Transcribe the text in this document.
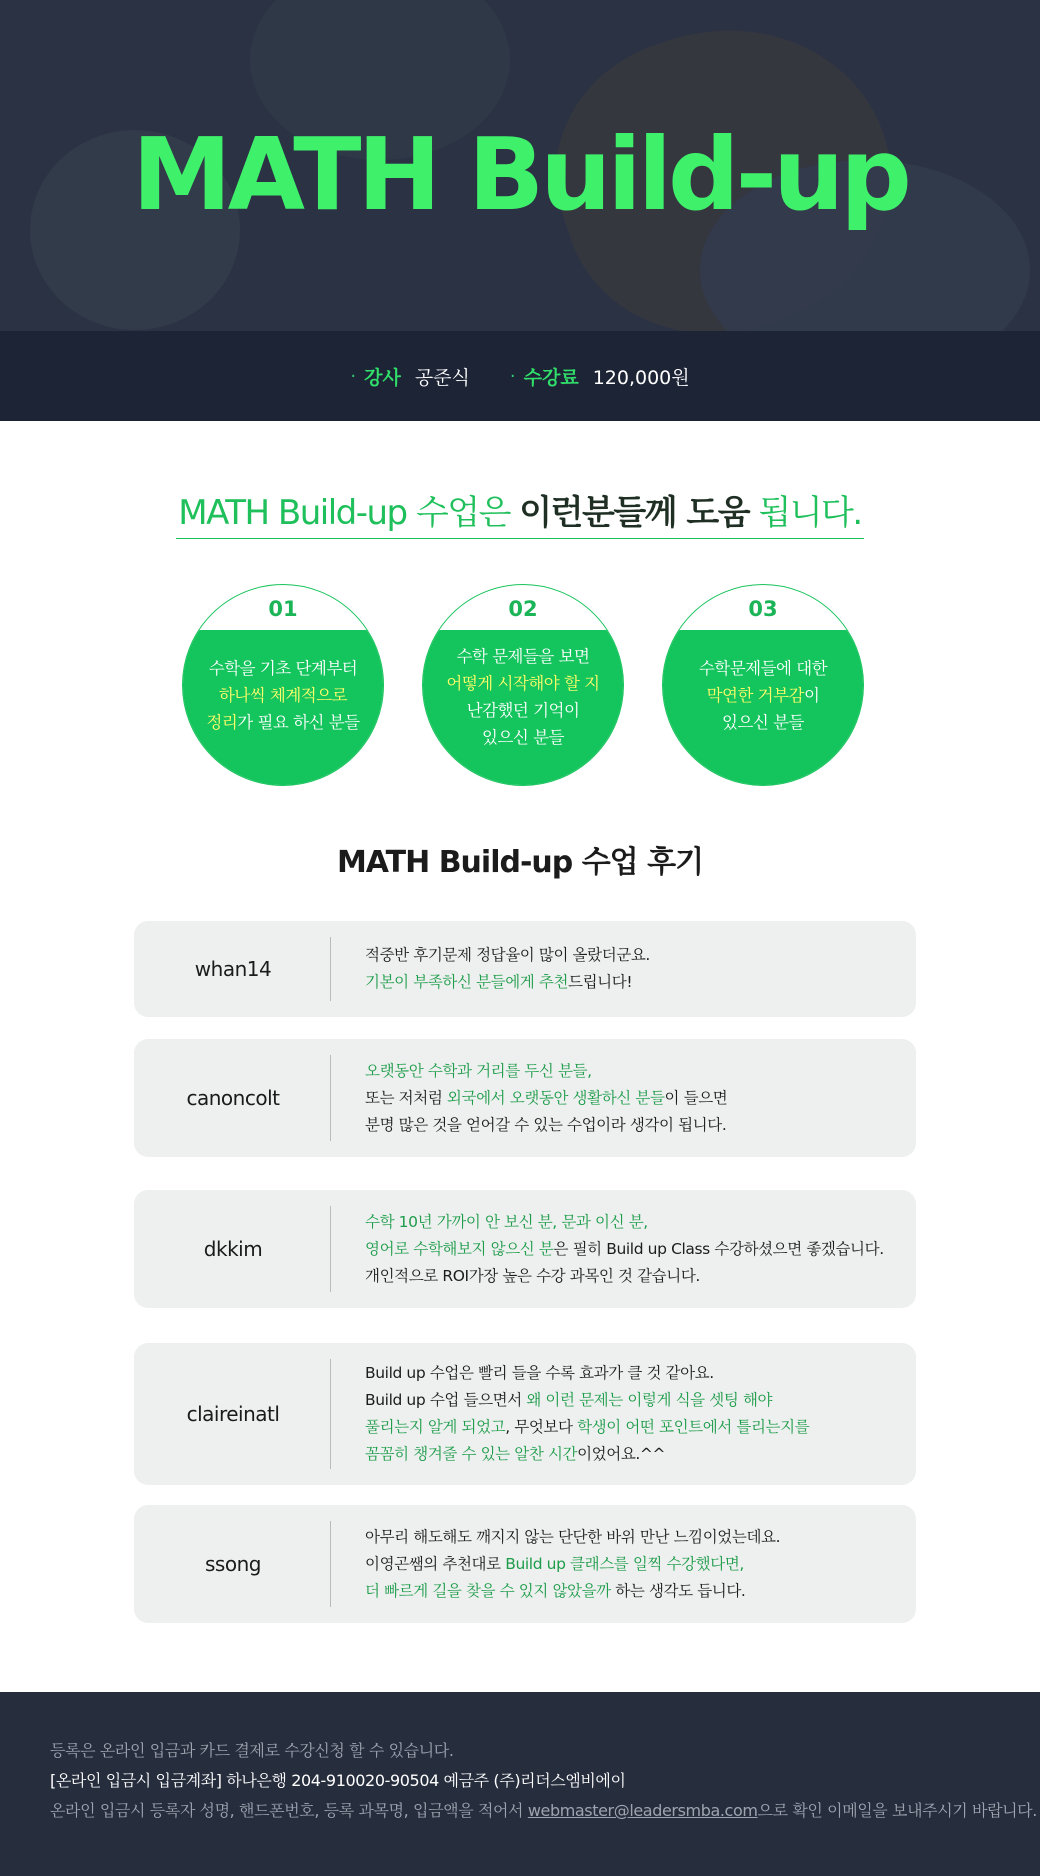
MATH Build-up
· 강사 공준식 · 수강료 120,000원
MATH Build-up 수업은 이런분들께 도움 됩니다.
01
수학을 기초 단계부터
하나씩 체계적으로
정리가 필요 하신 분들
02
수학 문제들을 보면
어떻게 시작해야 할 지
난감했던 기억이
있으신 분들
03
수학문제들에 대한
막연한 거부감이
있으신 분들
MATH Build-up 수업 후기
whan14
적중반 후기문제 정답율이 많이 올랐더군요.
기본이 부족하신 분들에게 추천드립니다!
canoncolt
오랫동안 수학과 거리를 두신 분들,
또는 저처럼 외국에서 오랫동안 생활하신 분들이 들으면
분명 많은 것을 얻어갈 수 있는 수업이라 생각이 됩니다.
dkkim
수학 10년 가까이 안 보신 분, 문과 이신 분,
영어로 수학해보지 않으신 분은 필히 Build up Class 수강하셨으면 좋겠습니다.
개인적으로 ROI가장 높은 수강 과목인 것 같습니다.
claireinatl
Build up 수업은 빨리 들을 수록 효과가 클 것 같아요.
Build up 수업 들으면서 왜 이런 문제는 이렇게 식을 셋팅 해야
풀리는지 알게 되었고, 무엇보다 학생이 어떤 포인트에서 틀리는지를
꼼꼼히 챙겨줄 수 있는 알찬 시간이었어요.^^
ssong
아무리 해도해도 깨지지 않는 단단한 바위 만난 느낌이었는데요.
이영곤쌤의 추천대로 Build up 클래스를 일찍 수강했다면,
더 빠르게 길을 찾을 수 있지 않았을까 하는 생각도 듭니다.
등록은 온라인 입금과 카드 결제로 수강신청 할 수 있습니다.
[온라인 입금시 입금계좌] 하나은행 204-910020-90504 예금주 (주)리더스엠비에이
온라인 입금시 등록자 성명, 핸드폰번호, 등록 과목명, 입금액을 적어서 webmaster@leadersmba.com으로 확인 이메일을 보내주시기 바랍니다.
